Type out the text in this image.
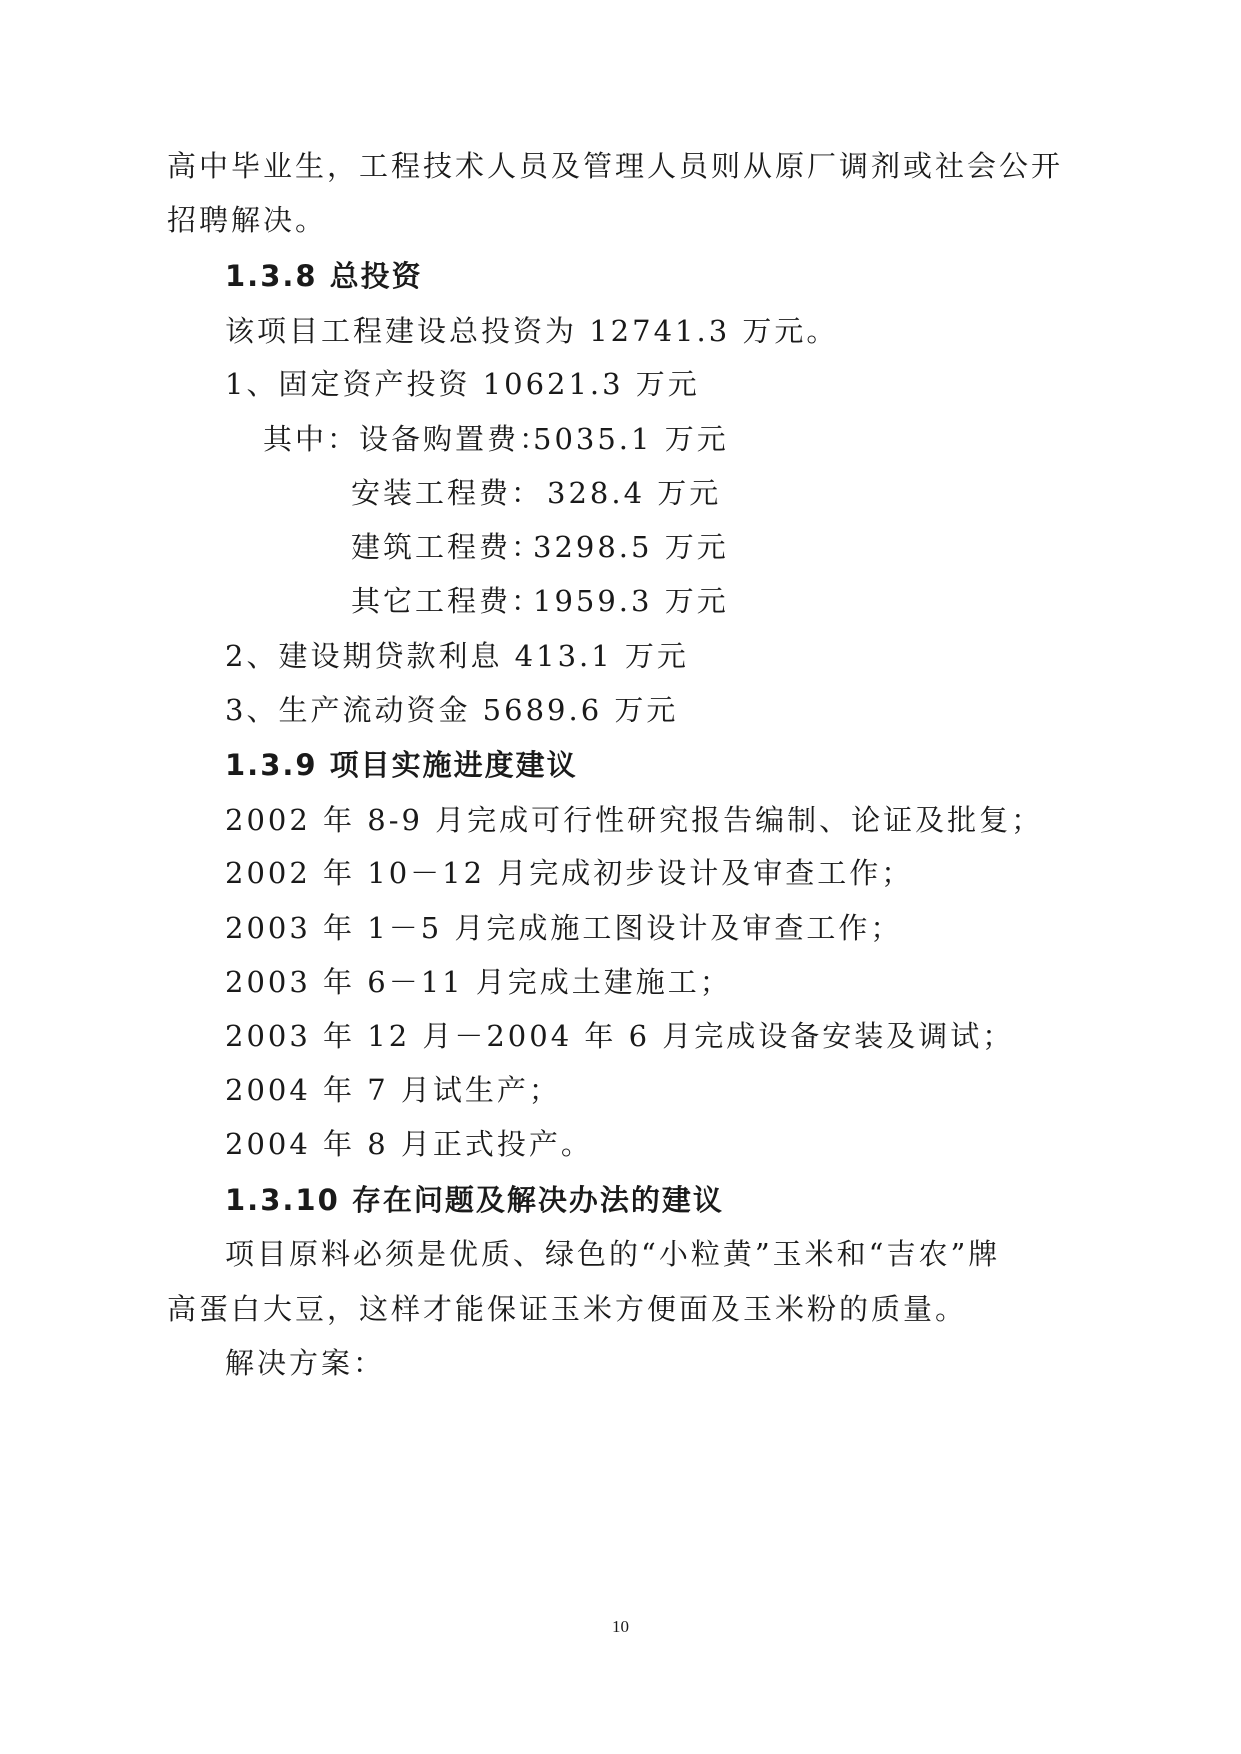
高中毕业生，工程技术人员及管理人员则从原厂调剂或社会公开
招聘解决。
1.3.8 总投资
该项目工程建设总投资为 12741.3 万元。
1、固定资产投资 10621.3 万元
其中：设备购置费：
5035.1 万元
安装工程费： 328.4 万元
建筑工程费：
3298.5 万元
其它工程费：
1959.3 万元
2、建设期贷款利息 413.1 万元
3、生产流动资金 5689.6 万元
1.3.9 项目实施进度建议
2002 年 8-9 月完成可行性研究报告编制、论证及批复；
2002 年 10－12 月完成初步设计及审查工作；
2003 年 1－5 月完成施工图设计及审查工作；
2003 年 6－11 月完成土建施工；
2003 年 12 月－2004 年 6 月完成设备安装及调试；
2004 年 7 月试生产；
2004 年 8 月正式投产。
1.3.10 存在问题及解决办法的建议
项目原料必须是优质、绿色的“小粒黄”玉米和“吉农”牌
高蛋白大豆，这样才能保证玉米方便面及玉米粉的质量。
解决方案：
10
